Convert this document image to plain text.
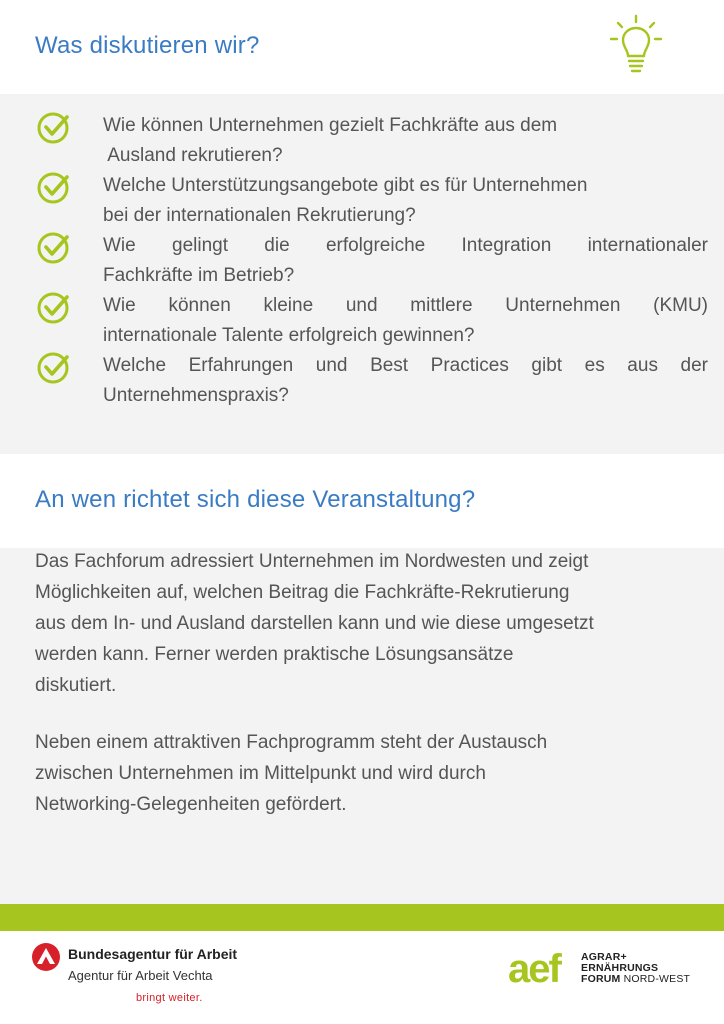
Was diskutieren wir?
Wie können Unternehmen gezielt Fachkräfte aus dem
Ausland rekrutieren?
Welche Unterstützungsangebote gibt es für Unternehmen
bei der internationalen Rekrutierung?
Wie gelingt die erfolgreiche Integration internationaler
Fachkräfte im Betrieb?
Wie können kleine und mittlere Unternehmen (KMU)
internationale Talente erfolgreich gewinnen?
Welche Erfahrungen und Best Practices gibt es aus der
Unternehmenspraxis?
An wen richtet sich diese Veranstaltung?
Das Fachforum adressiert Unternehmen im Nordwesten und zeigt
Möglichkeiten auf, welchen Beitrag die Fachkräfte-Rekrutierung
aus dem In- und Ausland darstellen kann und wie diese umgesetzt
werden kann. Ferner werden praktische Lösungsansätze
diskutiert.
Neben einem attraktiven Fachprogramm steht der Austausch
zwischen Unternehmen im Mittelpunkt und wird durch
Networking-Gelegenheiten gefördert.
Bundesagentur für Arbeit
Agentur für Arbeit Vechta
bringt weiter.
aef AGRAR+
ERNÄHRUNGS
FORUM NORD-WEST
